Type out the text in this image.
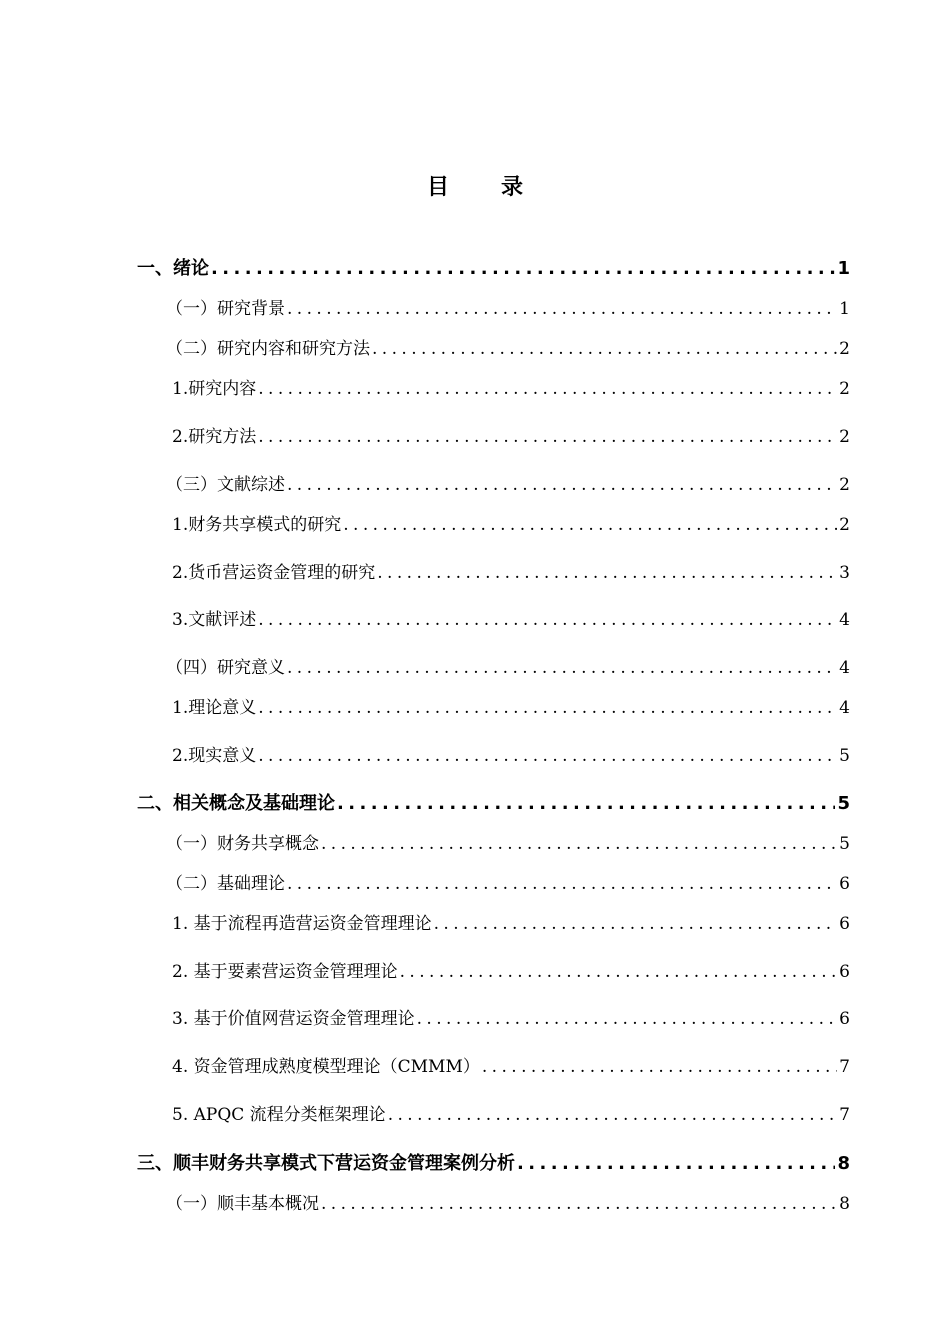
目录
一、绪论 .....	1
（一）研究背景 .....	1
（二）研究内容和研究方法 .....	2
1.研究内容 .....	2
2.研究方法 .....	2
（三）文献综述 .....	2
1.财务共享模式的研究 .....	2
2.货币营运资金管理的研究 .....	3
3.文献评述 .....	4
（四）研究意义 .....	4
1.理论意义 .....	4
2.现实意义 .....	5
二、相关概念及基础理论 .....	5
（一）财务共享概念 .....	5
（二）基础理论 .....	6
1. 基于流程再造营运资金管理理论 .....	6
2. 基于要素营运资金管理理论 .....	6
3. 基于价值网营运资金管理理论 .....	6
4. 资金管理成熟度模型理论（CMMM） .....	7
5. APQC 流程分类框架理论 .....	7
三、顺丰财务共享模式下营运资金管理案例分析 .....	8
（一）顺丰基本概况 .....	8
